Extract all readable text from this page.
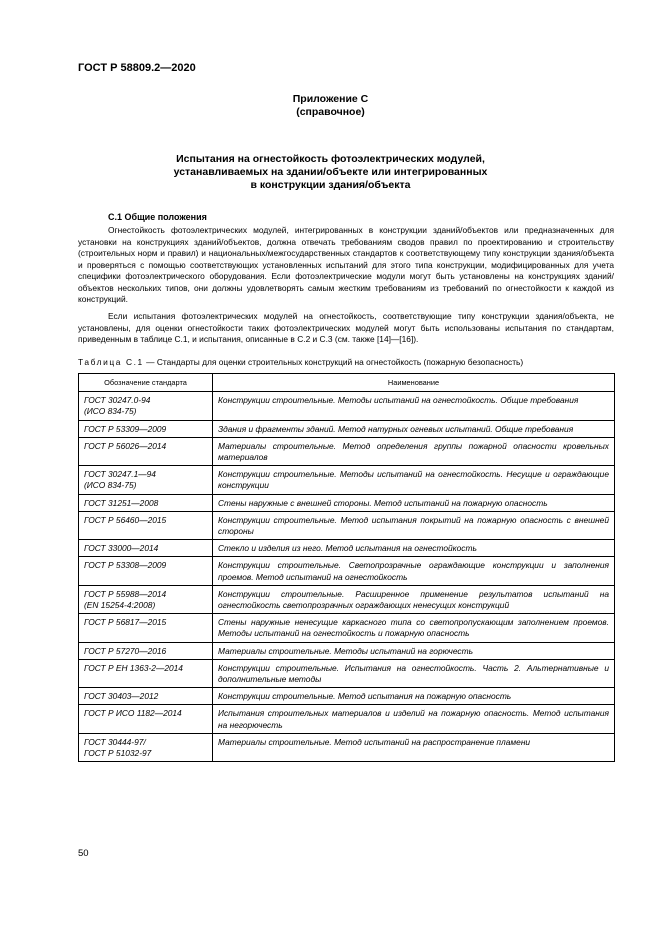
ГОСТ Р 58809.2—2020
Приложение С
(справочное)
Испытания на огнестойкость фотоэлектрических модулей,
устанавливаемых на здании/объекте или интегрированных
в конструкции здания/объекта
С.1 Общие положения

Огнестойкость фотоэлектрических модулей, интегрированных в конструкции зданий/объектов или предназначенных для установки на конструкциях зданий/объектов, должна отвечать требованиям сводов правил по проектированию и строительству (строительных норм и правил) и национальных/межгосударственных стандартов к соответствующему типу конструкции здания/объекта и проверяться с помощью соответствующих установленных испытаний для этого типа конструкции, модифицированных для учета специфики фотоэлектрического оборудования. Если фотоэлектрические модули могут быть установлены на конструкциях зданий/объектов нескольких типов, они должны удовлетворять самым жестким требованиям из требований по огнестойкости к каждой из конструкций.

Если испытания фотоэлектрических модулей на огнестойкость, соответствующие типу конструкции здания/объекта, не установлены, для оценки огнестойкости таких фотоэлектрических модулей могут быть использованы испытания по стандартам, приведенным в таблице С.1, и испытания, описанные в С.2 и С.3 (см. также [14]—[16]).

Таблица С.1 — Стандарты для оценки строительных конструкций на огнестойкость (пожарную безопасность)
Обозначение стандарта	Наименование
ГОСТ 30247.0-94
(ИСО 834-75)	Конструкции строительные. Методы испытаний на огнестойкость. Общие требования
ГОСТ Р 53309—2009	Здания и фрагменты зданий. Метод натурных огневых испытаний. Общие требования
ГОСТ Р 56026—2014	Материалы строительные. Метод определения группы пожарной опасности кровельных материалов
ГОСТ 30247.1—94
(ИСО 834-75)	Конструкции строительные. Методы испытаний на огнестойкость. Несущие и ограждающие конструкции
ГОСТ 31251—2008	Стены наружные с внешней стороны. Метод испытаний на пожарную опасность
ГОСТ Р 56460—2015	Конструкции строительные. Метод испытания покрытий на пожарную опасность с внешней стороны
ГОСТ 33000—2014	Стекло и изделия из него. Метод испытания на огнестойкость
ГОСТ Р 53308—2009	Конструкции строительные. Светопрозрачные ограждающие конструкции и заполнения проемов. Метод испытаний на огнестойкость
ГОСТ Р 55988—2014
(EN 15254-4:2008)	Конструкции строительные. Расширенное применение результатов испытаний на огнестойкость светопрозрачных ограждающих ненесущих конструкций
ГОСТ Р 56817—2015	Стены наружные ненесущие каркасного типа со светопропускающим заполнением проемов. Методы испытаний на огнестойкость и пожарную опасность
ГОСТ Р 57270—2016	Материалы строительные. Методы испытаний на горючесть
ГОСТ Р ЕН 1363-2—2014	Конструкции строительные. Испытания на огнестойкость. Часть 2. Альтернативные и дополнительные методы
ГОСТ 30403—2012	Конструкции строительные. Метод испытания на пожарную опасность
ГОСТ Р ИСО 1182—2014	Испытания строительных материалов и изделий на пожарную опасность. Метод испытания на негорючесть
ГОСТ 30444-97/
ГОСТ Р 51032-97	Материалы строительные. Метод испытаний на распространение пламени
50
